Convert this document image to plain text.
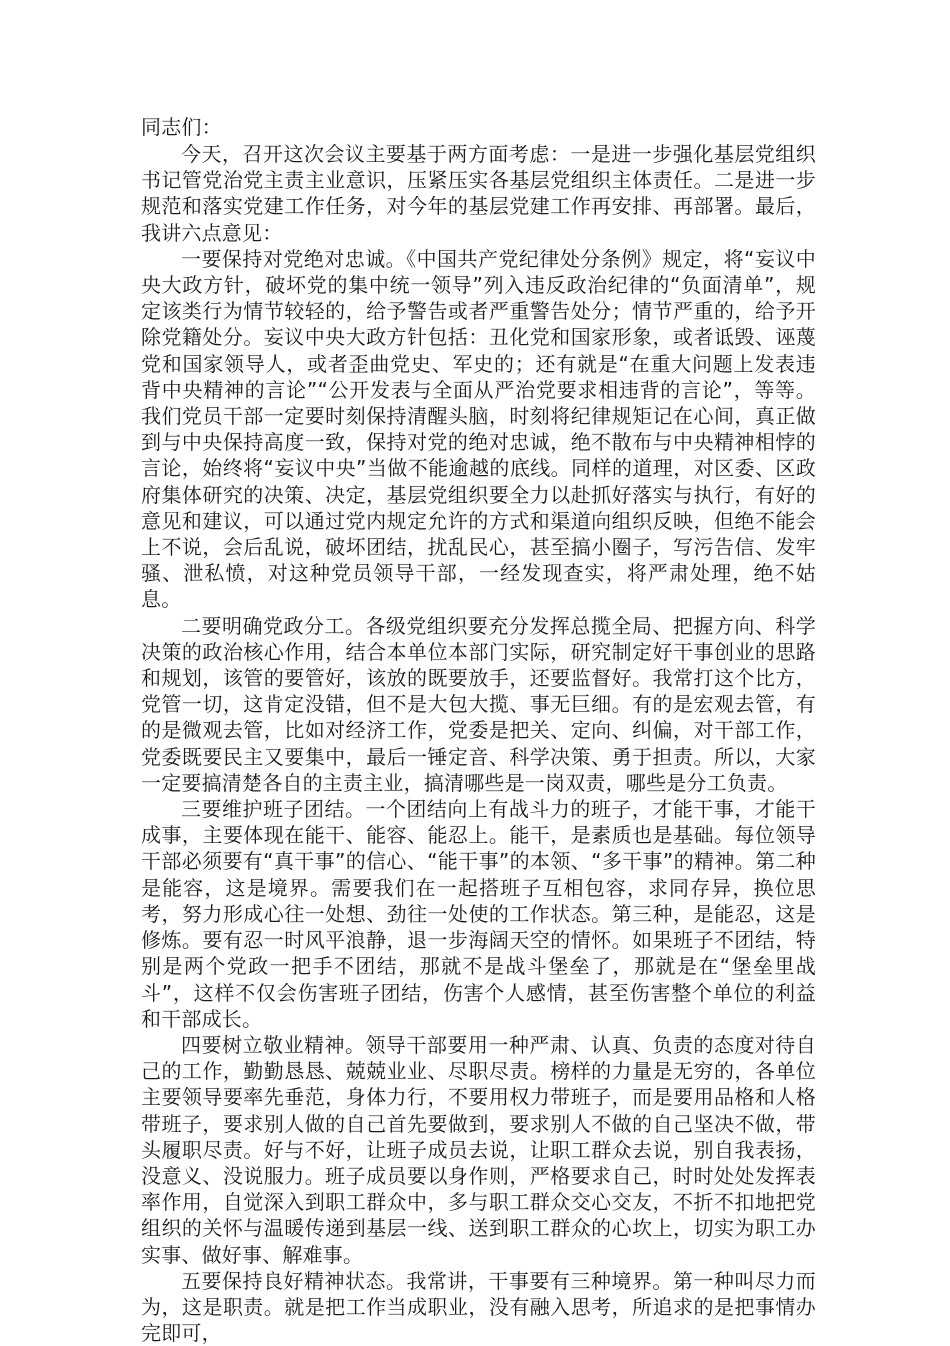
同志们：

今天，召开这次会议主要基于两方面考虑：一是进一步强化基层党组织书记管党治党主责主业意识，压紧压实各基层党组织主体责任。二是进一步规范和落实党建工作任务，对今年的基层党建工作再安排、再部署。最后，我讲六点意见：

一要保持对党绝对忠诚。《中国共产党纪律处分条例》规定，将“妄议中央大政方针，破坏党的集中统一领导”列入违反政治纪律的“负面清单”，规定该类行为情节较轻的，给予警告或者严重警告处分；情节严重的，给予开除党籍处分。妄议中央大政方针包括：丑化党和国家形象，或者诋毁、诬蔑党和国家领导人，或者歪曲党史、军史的；还有就是“在重大问题上发表违背中央精神的言论”“公开发表与全面从严治党要求相违背的言论”，等等。我们党员干部一定要时刻保持清醒头脑，时刻将纪律规矩记在心间，真正做到与中央保持高度一致，保持对党的绝对忠诚，绝不散布与中央精神相悖的言论，始终将“妄议中央”当做不能逾越的底线。同样的道理，对区委、区政府集体研究的决策、决定，基层党组织要全力以赴抓好落实与执行，有好的意见和建议，可以通过党内规定允许的方式和渠道向组织反映，但绝不能会上不说，会后乱说，破坏团结，扰乱民心，甚至搞小圈子，写污告信、发牢骚、泄私愤，对这种党员领导干部，一经发现查实，将严肃处理，绝不姑息。

二要明确党政分工。各级党组织要充分发挥总揽全局、把握方向、科学决策的政治核心作用，结合本单位本部门实际，研究制定好干事创业的思路和规划，该管的要管好，该放的既要放手，还要监督好。我常打这个比方，党管一切，这肯定没错，但不是大包大揽、事无巨细。有的是宏观去管，有的是微观去管，比如对经济工作，党委是把关、定向、纠偏，对干部工作，党委既要民主又要集中，最后一锤定音、科学决策、勇于担责。所以，大家一定要搞清楚各自的主责主业，搞清哪些是一岗双责，哪些是分工负责。

三要维护班子团结。一个团结向上有战斗力的班子，才能干事，才能干成事，主要体现在能干、能容、能忍上。能干，是素质也是基础。每位领导干部必须要有“真干事”的信心、“能干事”的本领、“多干事”的精神。第二种是能容，这是境界。需要我们在一起搭班子互相包容，求同存异，换位思考，努力形成心往一处想、劲往一处使的工作状态。第三种，是能忍，这是修炼。要有忍一时风平浪静，退一步海阔天空的情怀。如果班子不团结，特别是两个党政一把手不团结，那就不是战斗堡垒了，那就是在“堡垒里战斗”，这样不仅会伤害班子团结，伤害个人感情，甚至伤害整个单位的利益和干部成长。

四要树立敬业精神。领导干部要用一种严肃、认真、负责的态度对待自己的工作，勤勤恳恳、兢兢业业、尽职尽责。榜样的力量是无穷的，各单位主要领导要率先垂范，身体力行，不要用权力带班子，而是要用品格和人格带班子，要求别人做的自己首先要做到，要求别人不做的自己坚决不做，带头履职尽责。好与不好，让班子成员去说，让职工群众去说，别自我表扬，没意义、没说服力。班子成员要以身作则，严格要求自己，时时处处发挥表率作用，自觉深入到职工群众中，多与职工群众交心交友，不折不扣地把党组织的关怀与温暖传递到基层一线、送到职工群众的心坎上，切实为职工办实事、做好事、解难事。

五要保持良好精神状态。我常讲，干事要有三种境界。第一种叫尽力而为，这是职责。就是把工作当成职业，没有融入思考，所追求的是把事情办完即可，
